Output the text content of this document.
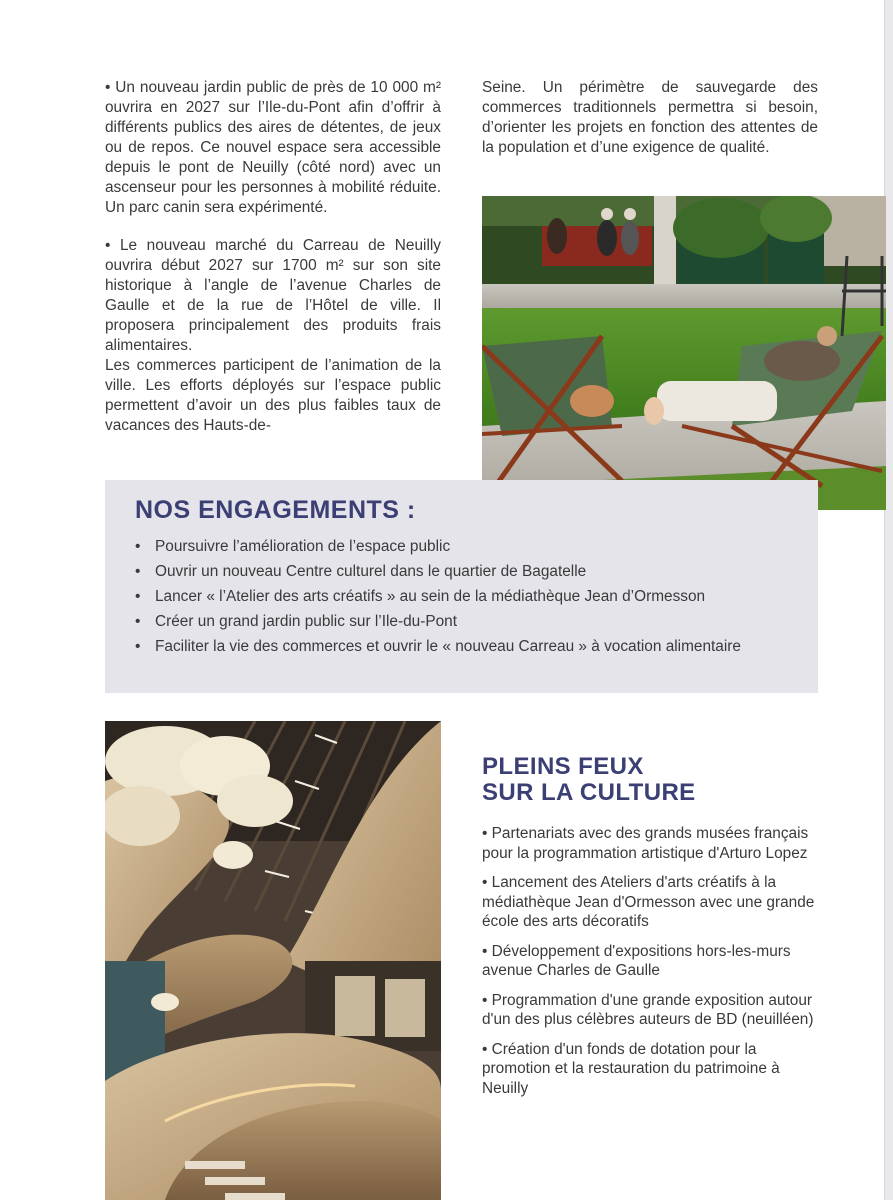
• Un nouveau jardin public de près de 10 000 m² ouvrira en 2027 sur l’Ile-du-Pont afin d’offrir à différents publics des aires de détentes, de jeux ou de repos. Ce nouvel espace sera accessible depuis le pont de Neuilly (côté nord) avec un ascenseur pour les personnes à mobilité réduite. Un parc canin sera expérimenté.

• Le nouveau marché du Carreau de Neuilly ouvrira début 2027 sur 1700 m² sur son site historique à l’angle de l’avenue Charles de Gaulle et de la rue de l’Hôtel de ville. Il proposera principalement des produits frais alimentaires.

Les commerces participent de l’animation de la ville. Les efforts déployés sur l’espace public permettent d’avoir un des plus faibles taux de vacances des Hauts-de-

Seine. Un périmètre de sauvegarde des commerces traditionnels permettra si besoin, d’orienter les projets en fonction des attentes de la population et d’une exigence de qualité.

NOS ENGAGEMENTS :
• Poursuivre l’amélioration de l’espace public
• Ouvrir un nouveau Centre culturel dans le quartier de Bagatelle
• Lancer « l’Atelier des arts créatifs » au sein de la médiathèque Jean d’Ormesson
• Créer un grand jardin public sur l’Ile-du-Pont
• Faciliter la vie des commerces et ouvrir le « nouveau Carreau » à vocation alimentaire
PLEINS FEUX
SUR LA CULTURE

• Partenariats avec des grands musées français pour la programmation artistique d'Arturo Lopez

• Lancement des Ateliers d'arts créatifs à la médiathèque Jean d'Ormesson avec une grande école des arts décoratifs

• Développement d'expositions hors-les-murs avenue Charles de Gaulle

• Programmation d'une grande exposition autour d'un des plus célèbres auteurs de BD (neuilléen)

• Création d'un fonds de dotation pour la promotion et la restauration du patrimoine à Neuilly
